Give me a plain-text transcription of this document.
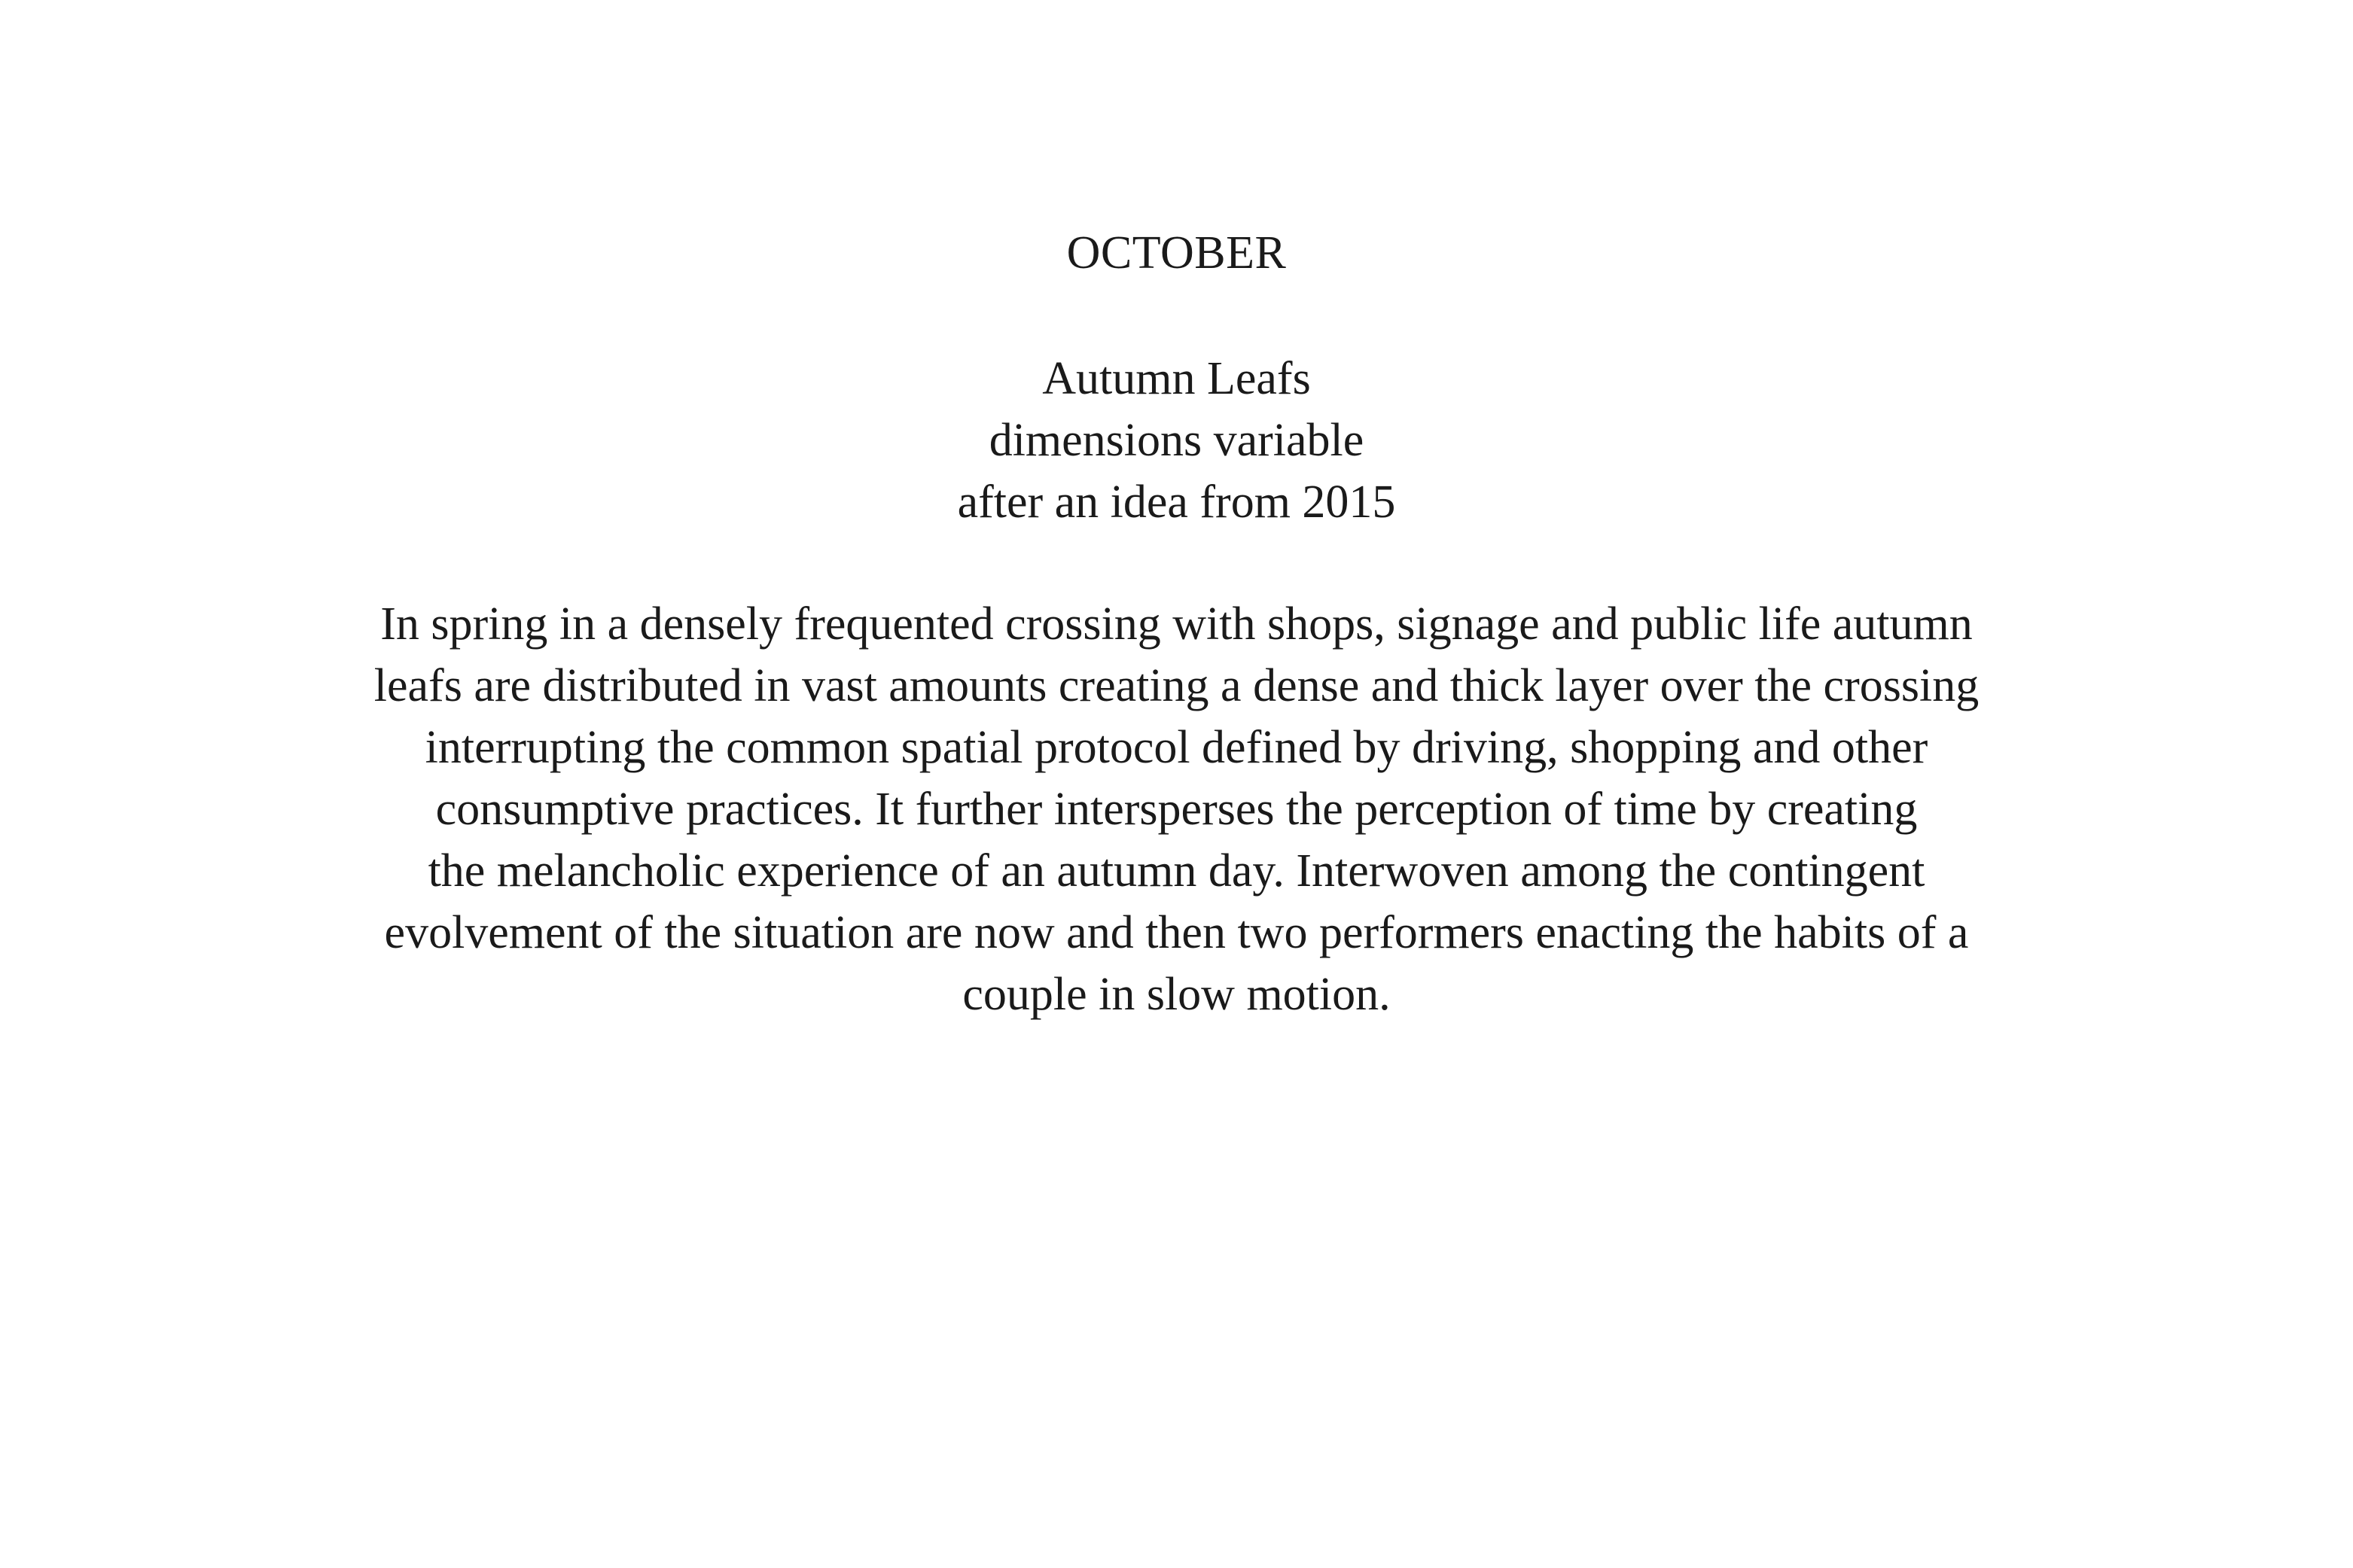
OCTOBER
Autumn Leafs
dimensions variable
after an idea from 2015
In spring in a densely frequented crossing with shops, signage and public life autumn
leafs are distributed in vast amounts creating a dense and thick layer over the crossing
interrupting the common spatial protocol defined by driving, shopping and other
consumptive practices. It further intersperses the perception of time by creating
the melancholic experience of an autumn day. Interwoven among the contingent
evolvement of the situation are now and then two performers enacting the habits of a
couple in slow motion.
